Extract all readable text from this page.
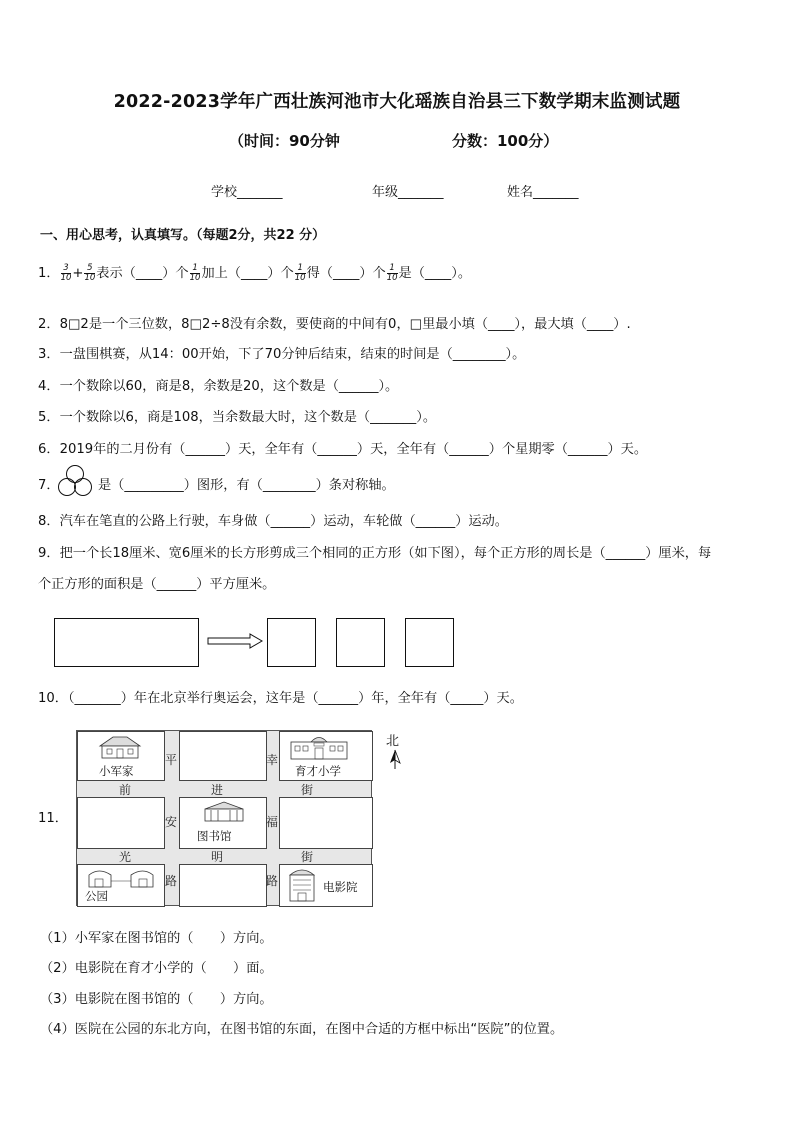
2022-2023学年广西壮族河池市大化瑶族自治县三下数学期末监测试题
（时间：90分钟	分数：100分）
学校_______	年级_______	姓名_______
一、用心思考，认真填写。（每题2分，共22 分）
1． $\frac{3}{10} + \frac{5}{10}$ 表示（____）个 $\frac{1}{10}$ 加上（____）个 $\frac{1}{10}$ 得（____）个 $\frac{1}{10}$ 是（____）。
2．8□2是一个三位数，8□2÷8没有余数，要使商的中间有0，□里最小填（____），最大填（____）.
3．一盘围棋赛，从14：00开始，下了70分钟后结束，结束的时间是（________）。
4．一个数除以60，商是8，余数是20，这个数是（______）。
5．一个数除以6，商是108，当余数最大时，这个数是（_______）。
6．2019年的二月份有（______）天，全年有（______）天，全年有（______）个星期零（______）天。
7．	是（_________）图形，有（________）条对称轴。
8．汽车在笔直的公路上行驶，车身做（______）运动，车轮做（______）运动。
9．把一个长18厘米、宽6厘米的长方形剪成三个相同的正方形（如下图），每个正方形的周长是（______）厘米，每
个正方形的面积是（______）平方厘米。
10．（_______）年在北京举行奥运会，这年是（______）年，全年有（_____）天。
11．
小军家	育才小学
图书馆
公园
电影院
平
安
路
幸
福
路
前	进	街
光	明	街
北
（1）小军家在图书馆的（　　）方向。
（2）电影院在育才小学的（　　）面。
（3）电影院在图书馆的（　　）方向。
（4）医院在公园的东北方向，在图书馆的东面，在图中合适的方框中标出“医院”的位置。
